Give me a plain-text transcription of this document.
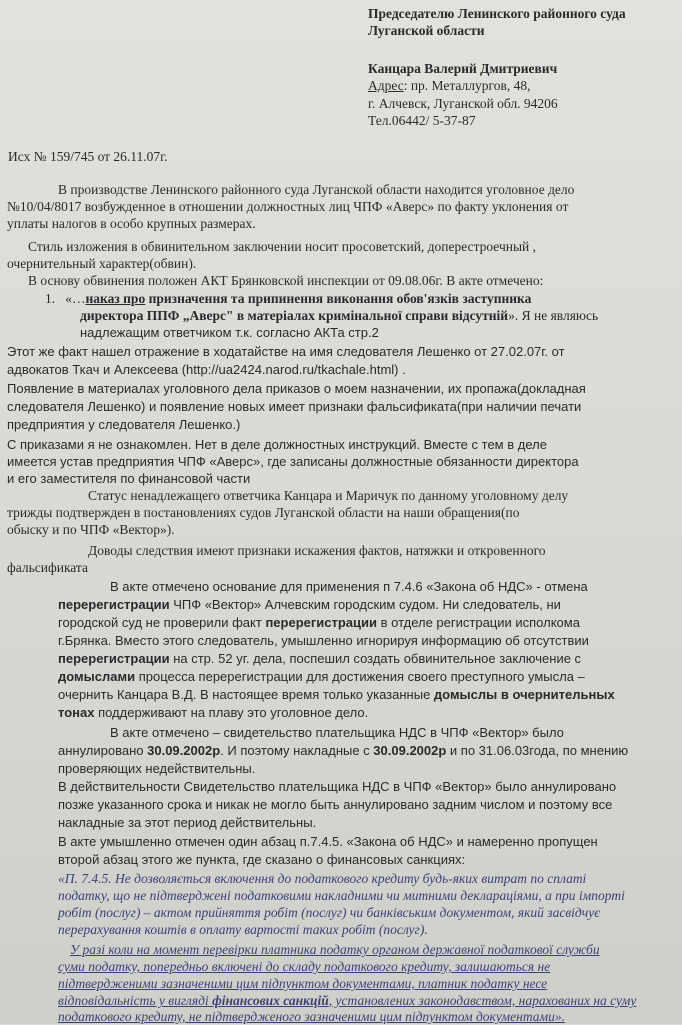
Председателю Ленинского районного суда
Луганской области
Канцара Валерий Дмитриевич
Адрес: пр. Металлургов, 48,
г. Алчевск, Луганской обл. 94206
Тел.06442/ 5-37-87
Исх № 159/745 от 26.11.07г.
В производстве Ленинского районного суда Луганской области находится уголовное дело
№10/04/8017 возбужденное в отношении должностных лиц ЧПФ «Аверс» по факту уклонения от
уплаты налогов в особо крупных размерах.
Стиль изложения в обвинительном заключении носит просоветский, доперестроечный ,
очернительный характер(обвин).
В основу обвинения положен АКТ Брянковской инспекции от 09.08.06г. В акте отмечено:
1. «…наказ про призначення та припинення виконання обов'язків заступника
директора ППФ „Аверс" в матеріалах кримінальної справи відсутній». Я не являюсь
надлежащим ответчиком т.к. согласно АКТа стр.2
Этот же факт нашел отражение в ходатайстве на имя следователя Лешенко от 27.02.07г. от
адвокатов Ткач и Алексеева (http://ua2424.narod.ru/tkachale.html) .
Появление в материалах уголовного дела приказов о моем назначении, их пропажа(докладная
следователя Лешенко) и появление новых имеет признаки фальсификата(при наличии печати
предприятия у следователя Лешенко.)
С приказами я не ознакомлен. Нет в деле должностных инструкций. Вместе с тем в деле
имеется устав предприятия ЧПФ «Аверс», где записаны должностные обязанности директора
и его заместителя по финансовой части
Статус ненадлежащего ответчика Канцара и Маричук по данному уголовному делу
трижды подтвержден в постановлениях судов Луганской области на наши обращения(по
обыску и по ЧПФ «Вектор»).
Доводы следствия имеют признаки искажения фактов, натяжки и откровенного
фальсификата
В акте отмечено основание для применения п 7.4.6 «Закона об НДС» - отмена
перерегистрации ЧПФ «Вектор» Алчевским городским судом. Ни следователь, ни
городской суд не проверили факт перерегистрации в отделе регистрации исполкома
г.Брянка. Вместо этого следователь, умышленно игнорируя информацию об отсутствии
перерегистрации на стр. 52 уг. дела, поспешил создать обвинительное заключение с
домыслами процесса перерегистрации для достижения своего преступного умысла –
очернить Канцара В.Д. В настоящее время только указанные домыслы в очернительных
тонах поддерживают на плаву это уголовное дело.
В акте отмечено – свидетельство плательщика НДС в ЧПФ «Вектор» было
аннулировано 30.09.2002р. И поэтому накладные с 30.09.2002р и по 31.06.03года, по мнению
проверяющих недействительны.
В действительности Свидетельство плательщика НДС в ЧПФ «Вектор» было аннулировано
позже указанного срока и никак не могло быть аннулировано задним числом и поэтому все
накладные за этот период действительны.
В акте умышленно отмечен один абзац п.7.4.5. «Закона об НДС» и намеренно пропущен
второй абзац этого же пункта, где сказано о финансовых санкциях:
«П. 7.4.5. Не дозволяється включення до податкового кредиту будь-яких витрат по сплаті
податку, що не підтверджені податковими накладними чи митними деклараціями, а при імпорті
робіт (послуг) – актом прийняття робіт (послуг) чи банківським документом, який засвідчує
перерахування коштів в оплату вартості таких робіт (послуг).
У разі коли на момент перевірки платника податку органом державної податкової служби
суми податку, попередньо включені до складу податкового кредиту, залишаються не
підтвердженими зазначеними цим підпунктом документами, платник податку несе
відповідальність у вигляді фінансових санкцій, установлених законодавством, нарахованих на суму
податкового кредиту, не підтвердженого зазначеними цим підпунктом документами».
